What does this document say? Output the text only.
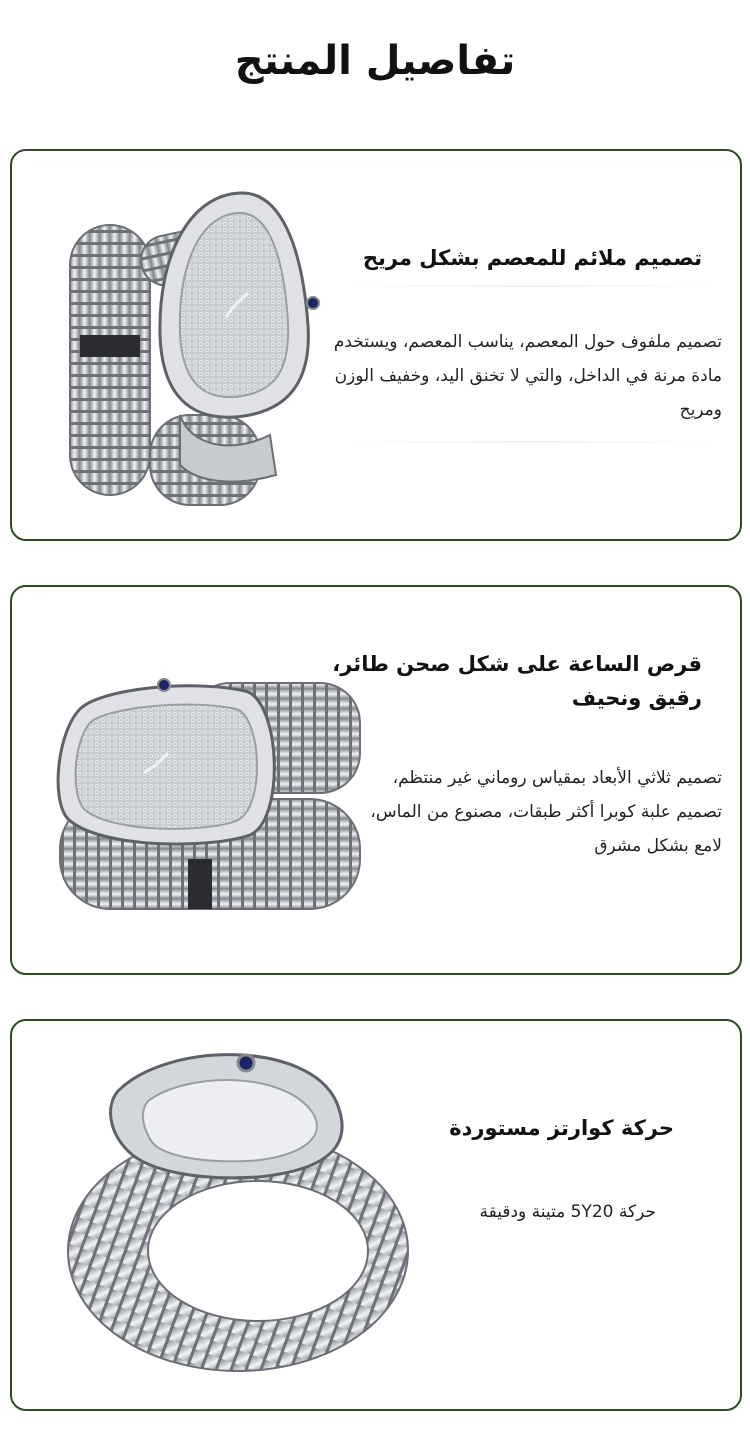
تفاصيل المنتج
تصميم ملائم للمعصم بشكل مريح
تصميم ملفوف حول المعصم، يناسب المعصم، ويستخدم مادة مرنة في الداخل، والتي لا تخنق اليد، وخفيف الوزن ومريح
قرص الساعة على شكل صحن طائر، رقيق ونحيف
تصميم ثلاثي الأبعاد بمقياس روماني غير منتظم، تصميم علبة كوبرا أكثر طبقات، مصنوع من الماس، لامع بشكل مشرق
حركة كوارتز مستوردة
حركة 5Y20 متينة ودقيقة
